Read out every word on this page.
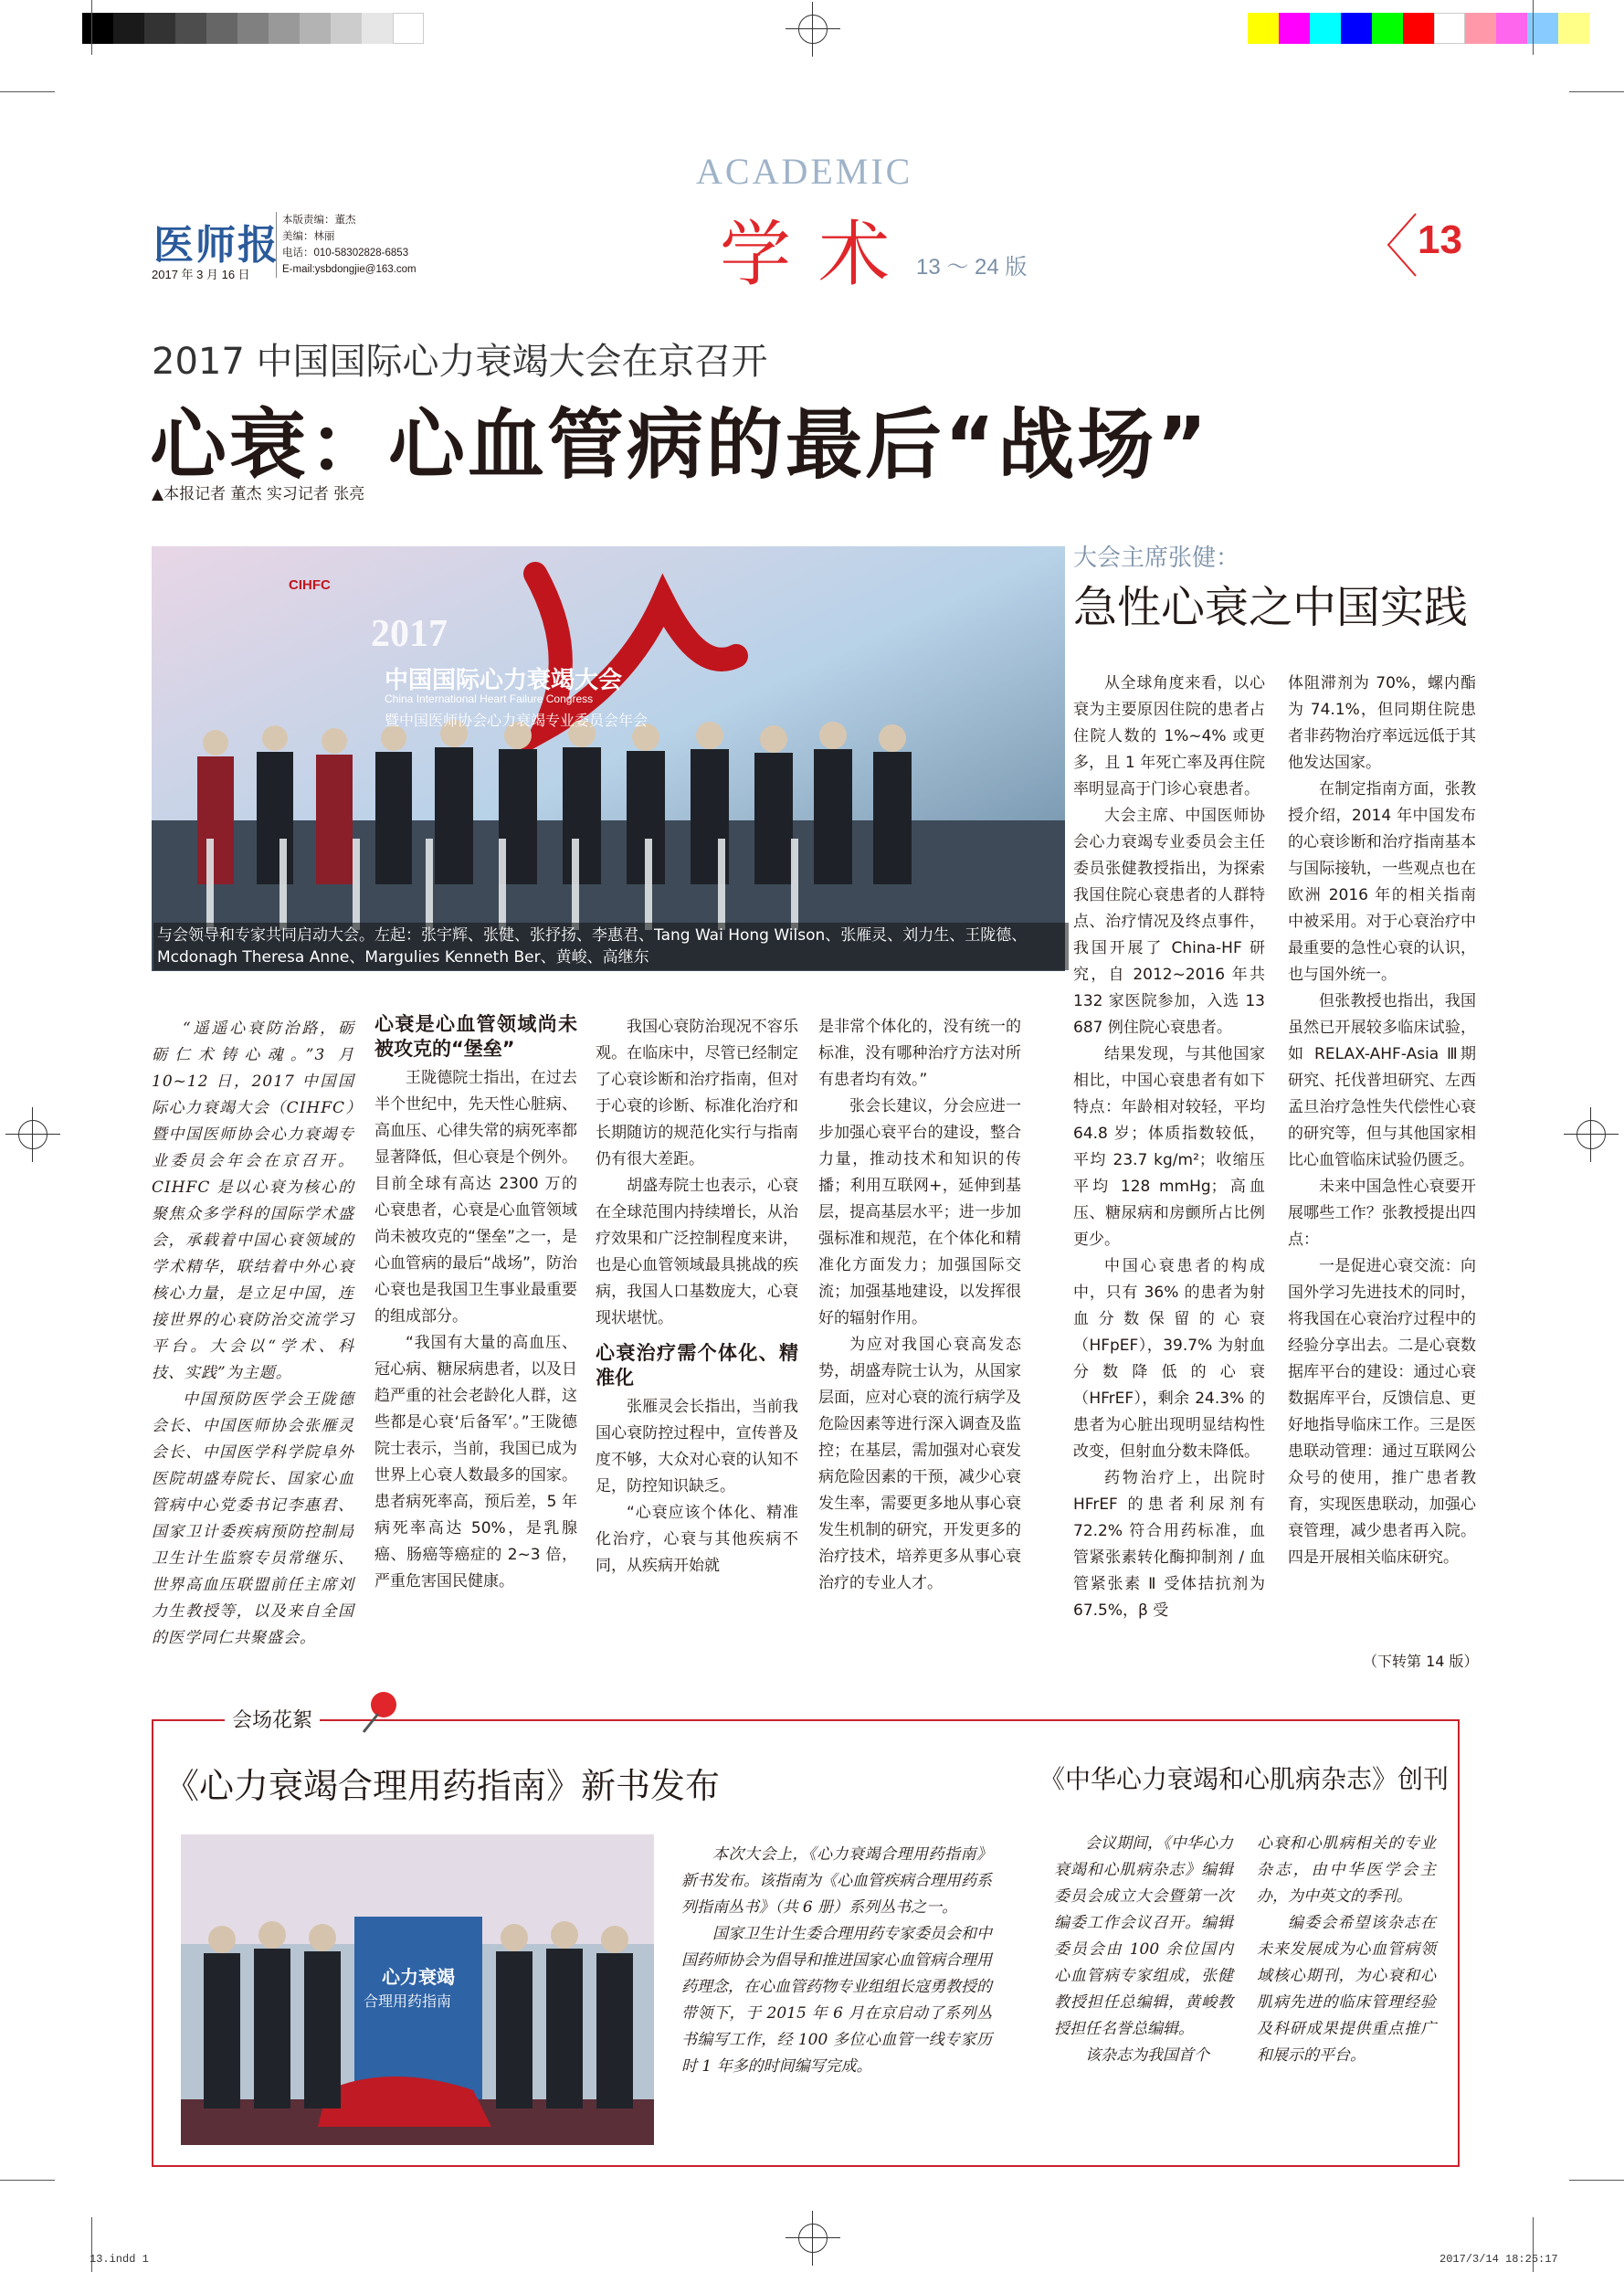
医师报
2017 年 3 月 16 日
本版责编：董杰
美编：林丽
电话：010-58302828-6853
E-mail:ysbdongjie@163.com
ACADEMIC
学术
13 ～ 24 版
13
2017 中国国际心力衰竭大会在京召开
心衰：心血管病的最后“战场”
▲本报记者 董杰 实习记者 张亮
CIHFC
2017
中国国际心力衰竭大会
China International Heart Failure Congress
暨中国医师协会心力衰竭专业委员会年会
与会领导和专家共同启动大会。左起：张宇辉、张健、张抒扬、李惠君、Tang Wai Hong Wilson、张雁灵、刘力生、王陇德、Mcdonagh Theresa Anne、Margulies Kenneth Ber、黄峻、高继东

“遥遥心衰防治路，砺砺仁术铸心魂。”3 月 10~12 日，2017 中国国际心力衰竭大会（CIHFC）暨中国医师协会心力衰竭专业委员会年会在京召开。CIHFC 是以心衰为核心的聚焦众多学科的国际学术盛会，承载着中国心衰领域的学术精华，联结着中外心衰核心力量，是立足中国，连接世界的心衰防治交流学习平台。大会以“学术、科技、实践”为主题。

中国预防医学会王陇德会长、中国医师协会张雁灵会长、中国医学科学院阜外医院胡盛寿院长、国家心血管病中心党委书记李惠君、国家卫计委疾病预防控制局卫生计生监察专员常继乐、世界高血压联盟前任主席刘力生教授等，以及来自全国的医学同仁共聚盛会。

心衰是心血管领域尚未被攻克的“堡垒”

王陇德院士指出，在过去半个世纪中，先天性心脏病、高血压、心律失常的病死率都显著降低，但心衰是个例外。目前全球有高达 2300 万的心衰患者，心衰是心血管领域尚未被攻克的“堡垒”之一，是心血管病的最后“战场”，防治心衰也是我国卫生事业最重要的组成部分。

“我国有大量的高血压、冠心病、糖尿病患者，以及日趋严重的社会老龄化人群，这些都是心衰‘后备军’。”王陇德院士表示，当前，我国已成为世界上心衰人数最多的国家。患者病死率高，预后差，5 年病死率高达 50%，是乳腺癌、肠癌等癌症的 2~3 倍，严重危害国民健康。

我国心衰防治现况不容乐观。在临床中，尽管已经制定了心衰诊断和治疗指南，但对于心衰的诊断、标准化治疗和长期随访的规范化实行与指南仍有很大差距。

胡盛寿院士也表示，心衰在全球范围内持续增长，从治疗效果和广泛控制程度来讲，也是心血管领域最具挑战的疾病，我国人口基数庞大，心衰现状堪忧。

心衰治疗需个体化、精准化

张雁灵会长指出，当前我国心衰防控过程中，宣传普及度不够，大众对心衰的认知不足，防控知识缺乏。

“心衰应该个体化、精准化治疗，心衰与其他疾病不同，从疾病开始就

是非常个体化的，没有统一的标准，没有哪种治疗方法对所有患者均有效。”

张会长建议，分会应进一步加强心衰平台的建设，整合力量，推动技术和知识的传播；利用互联网+，延伸到基层，提高基层水平；进一步加强标准和规范，在个体化和精准化方面发力；加强国际交流；加强基地建设，以发挥很好的辐射作用。

为应对我国心衰高发态势，胡盛寿院士认为，从国家层面，应对心衰的流行病学及危险因素等进行深入调查及监控；在基层，需加强对心衰发病危险因素的干预，减少心衰发生率，需要更多地从事心衰发生机制的研究，开发更多的治疗技术，培养更多从事心衰治疗的专业人才。

大会主席张健：
急性心衰之中国实践

从全球角度来看，以心衰为主要原因住院的患者占住院人数的 1%~4% 或更多，且 1 年死亡率及再住院率明显高于门诊心衰患者。

大会主席、中国医师协会心力衰竭专业委员会主任委员张健教授指出，为探索我国住院心衰患者的人群特点、治疗情况及终点事件，我国开展了 China-HF 研究，自 2012~2016 年共 132 家医院参加，入选 13 687 例住院心衰患者。

结果发现，与其他国家相比，中国心衰患者有如下特点：年龄相对较轻，平均 64.8 岁；体质指数较低，平均 23.7 kg/m²；收缩压平均 128 mmHg；高血压、糖尿病和房颤所占比例更少。

中国心衰患者的构成中，只有 36% 的患者为射血分数保留的心衰（HFpEF），39.7% 为射血分数降低的心衰（HFrEF），剩余 24.3% 的患者为心脏出现明显结构性改变，但射血分数未降低。

药物治疗上，出院时 HFrEF 的患者利尿剂有 72.2% 符合用药标准，血管紧张素转化酶抑制剂 / 血管紧张素 Ⅱ 受体拮抗剂为 67.5%，β 受

体阻滞剂为 70%，螺内酯为 74.1%，但同期住院患者非药物治疗率远远低于其他发达国家。

在制定指南方面，张教授介绍，2014 年中国发布的心衰诊断和治疗指南基本与国际接轨，一些观点也在欧洲 2016 年的相关指南中被采用。对于心衰治疗中最重要的急性心衰的认识，也与国外统一。

但张教授也指出，我国虽然已开展较多临床试验，如 RELAX-AHF-Asia Ⅲ期研究、托伐普坦研究、左西孟旦治疗急性失代偿性心衰的研究等，但与其他国家相比心血管临床试验仍匮乏。

未来中国急性心衰要开展哪些工作？张教授提出四点：

一是促进心衰交流：向国外学习先进技术的同时，将我国在心衰治疗过程中的经验分享出去。二是心衰数据库平台的建设：通过心衰数据库平台，反馈信息、更好地指导临床工作。三是医患联动管理：通过互联网公众号的使用，推广患者教育，实现医患联动，加强心衰管理，减少患者再入院。四是开展相关临床研究。

（下转第 14 版）
会场花絮
《心力衰竭合理用药指南》新书发布	《中华心力衰竭和心肌病杂志》创刊
心力衰竭
合理用药指南

本次大会上，《心力衰竭合理用药指南》新书发布。该指南为《心血管疾病合理用药系列指南丛书》（共 6 册）系列丛书之一。

国家卫生计生委合理用药专家委员会和中国药师协会为倡导和推进国家心血管病合理用药理念，在心血管药物专业组组长寇勇教授的带领下，于 2015 年 6 月在京启动了系列丛书编写工作，经 100 多位心血管一线专家历时 1 年多的时间编写完成。

会议期间，《中华心力衰竭和心肌病杂志》编辑委员会成立大会暨第一次编委工作会议召开。编辑委员会由 100 余位国内心血管病专家组成，张健教授担任总编辑，黄峻教授担任名誉总编辑。

该杂志为我国首个

心衰和心肌病相关的专业杂志，由中华医学会主办，为中英文的季刊。

编委会希望该杂志在未来发展成为心血管病领域核心期刊，为心衰和心肌病先进的临床管理经验及科研成果提供重点推广和展示的平台。

13.indd 1	2017/3/14 18:25:17
